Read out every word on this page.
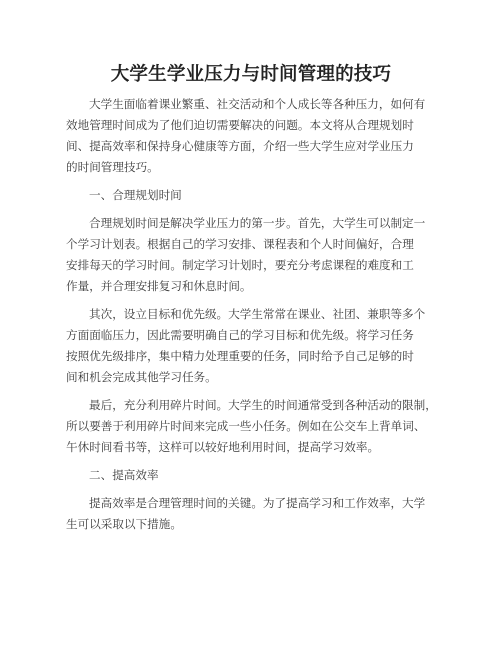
大学生学业压力与时间管理的技巧
大学生面临着课业繁重、社交活动和个人成长等各种压力，如何有
效地管理时间成为了他们迫切需要解决的问题。本文将从合理规划时
间、提高效率和保持身心健康等方面，介绍一些大学生应对学业压力
的时间管理技巧。
一、合理规划时间
合理规划时间是解决学业压力的第一步。首先，大学生可以制定一
个学习计划表。根据自己的学习安排、课程表和个人时间偏好，合理
安排每天的学习时间。制定学习计划时，要充分考虑课程的难度和工
作量，并合理安排复习和休息时间。
其次，设立目标和优先级。大学生常常在课业、社团、兼职等多个
方面面临压力，因此需要明确自己的学习目标和优先级。将学习任务
按照优先级排序，集中精力处理重要的任务，同时给予自己足够的时
间和机会完成其他学习任务。
最后，充分利用碎片时间。大学生的时间通常受到各种活动的限制，
所以要善于利用碎片时间来完成一些小任务。例如在公交车上背单词、
午休时间看书等，这样可以较好地利用时间，提高学习效率。
二、提高效率
提高效率是合理管理时间的关键。为了提高学习和工作效率，大学
生可以采取以下措施。
